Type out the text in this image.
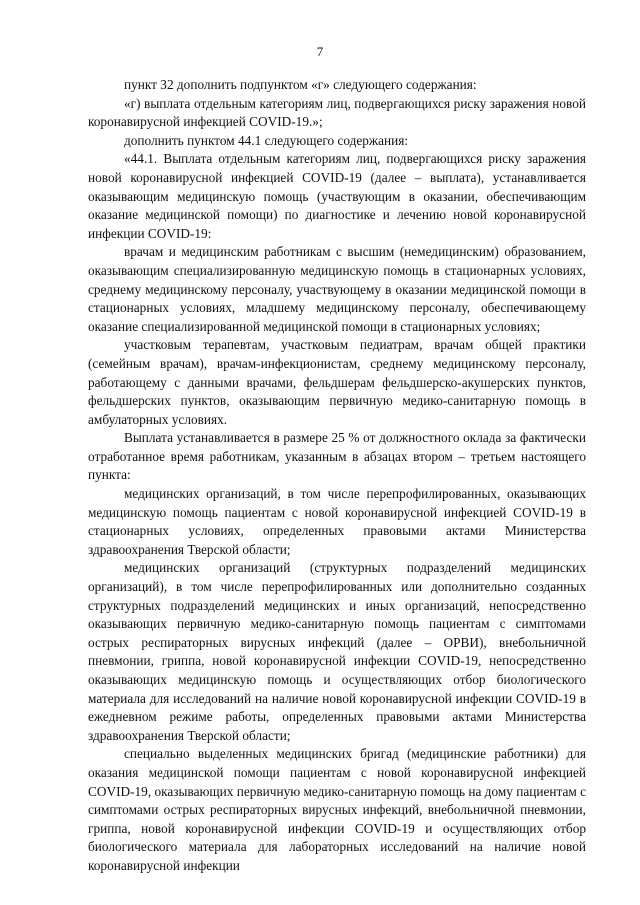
7

пункт 32 дополнить подпунктом «г» следующего содержания:

«г) выплата отдельным категориям лиц, подвергающихся риску заражения новой коронавирусной инфекцией COVID-19.»;

дополнить пунктом 44.1 следующего содержания:

«44.1. Выплата отдельным категориям лиц, подвергающихся риску заражения новой коронавирусной инфекцией COVID-19 (далее – выплата), устанавливается оказывающим медицинскую помощь (участвующим в оказании, обеспечивающим оказание медицинской помощи) по диагностике и лечению новой коронавирусной инфекции COVID-19:

врачам и медицинским работникам с высшим (немедицинским) образованием, оказывающим специализированную медицинскую помощь в стационарных условиях, среднему медицинскому персоналу, участвующему в оказании медицинской помощи в стационарных условиях, младшему медицинскому персоналу, обеспечивающему оказание специализированной медицинской помощи в стационарных условиях;

участковым терапевтам, участковым педиатрам, врачам общей практики (семейным врачам), врачам-инфекционистам, среднему медицинскому персоналу, работающему с данными врачами, фельдшерам фельдшерско-акушерских пунктов, фельдшерских пунктов, оказывающим первичную медико-санитарную помощь в амбулаторных условиях.

Выплата устанавливается в размере 25 % от должностного оклада за фактически отработанное время работникам, указанным в абзацах втором – третьем настоящего пункта:

медицинских организаций, в том числе перепрофилированных, оказывающих медицинскую помощь пациентам с новой коронавирусной инфекцией COVID-19 в стационарных условиях, определенных правовыми актами Министерства здравоохранения Тверской области;

медицинских организаций (структурных подразделений медицинских организаций), в том числе перепрофилированных или дополнительно созданных структурных подразделений медицинских и иных организаций, непосредственно оказывающих первичную медико-санитарную помощь пациентам с симптомами острых респираторных вирусных инфекций (далее – ОРВИ), внебольничной пневмонии, гриппа, новой коронавирусной инфекции COVID-19, непосредственно оказывающих медицинскую помощь и осуществляющих отбор биологического материала для исследований на наличие новой коронавирусной инфекции COVID-19 в ежедневном режиме работы, определенных правовыми актами Министерства здравоохранения Тверской области;

специально выделенных медицинских бригад (медицинские работники) для оказания медицинской помощи пациентам с новой коронавирусной инфекцией COVID-19, оказывающих первичную медико-санитарную помощь на дому пациентам с симптомами острых респираторных вирусных инфекций, внебольничной пневмонии, гриппа, новой коронавирусной инфекции COVID-19 и осуществляющих отбор биологического материала для лабораторных исследований на наличие новой коронавирусной инфекции
